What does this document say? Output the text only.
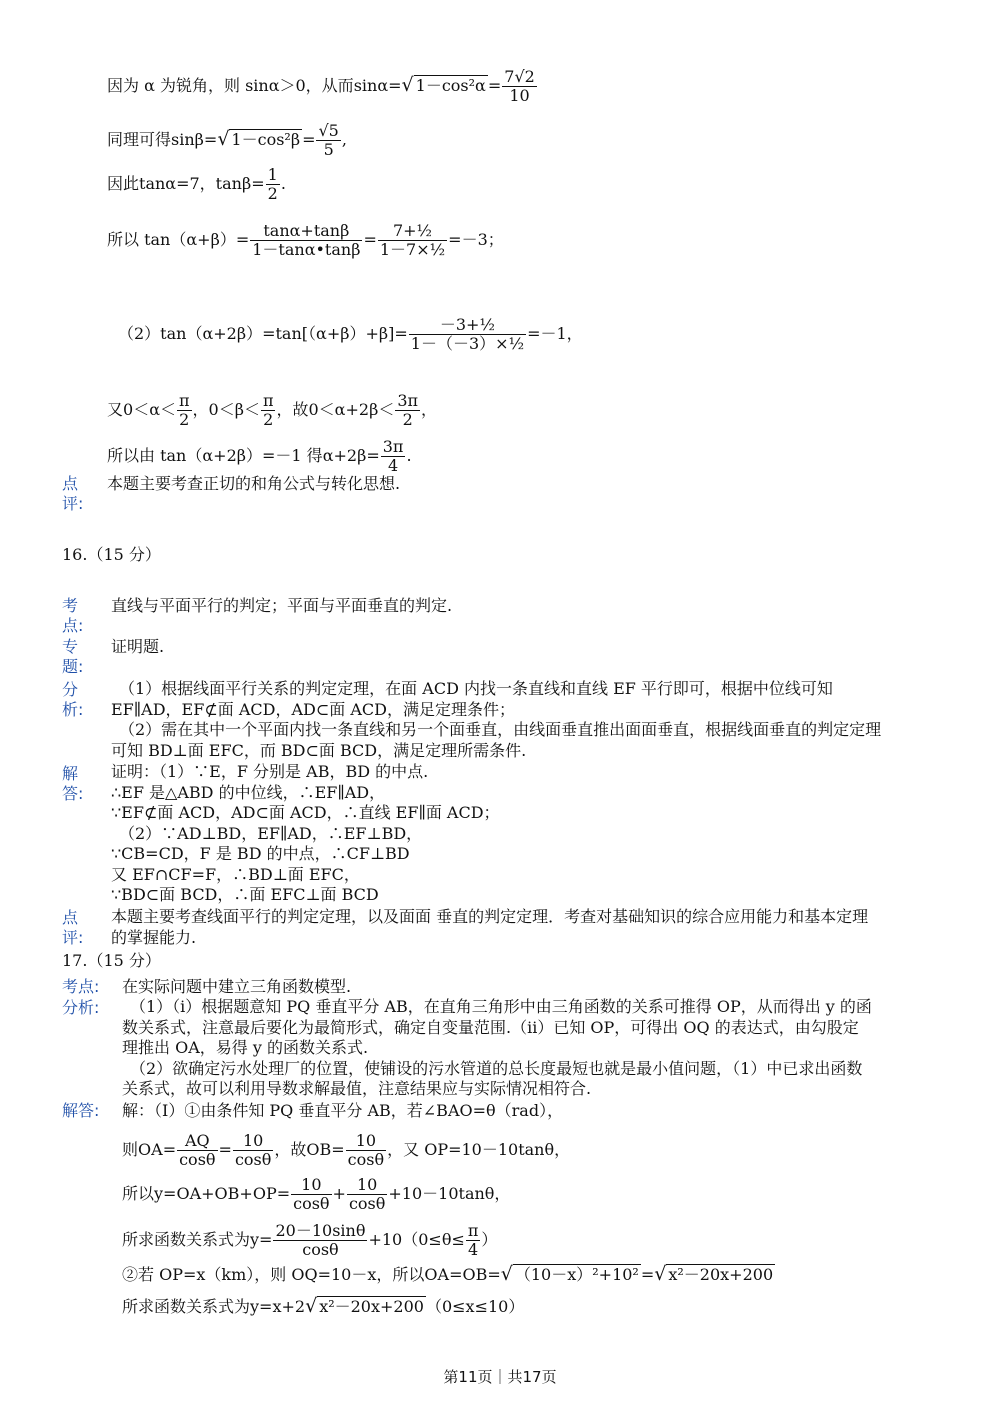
因为 α 为锐角，则 sinα＞0，从而sinα=√ $1-\cos^2\alpha = \frac{7√2}{10}$
同理可得sinβ=√ $1-\cos^2\beta = \frac{√5}{5}$ ,
因此tanα=7，$\tan\beta= \frac{1}{2}$ .
所以 $\tan(\alpha+\beta)= \frac{\tan\alpha+\tan\beta}{1-\tan\alpha•\tan\beta} = \frac{\text{7+½}}{\text{1－7×½}} =-3$；
$(2)\tan(\alpha+2\beta)=\tan[(\alpha+\beta)+\beta]= \frac{\text{－3+½}}{\text{1－（－3）×½}} =-1$，
又$0<\alpha< \frac{\pi}{2}$ ，$0<\beta< \frac{\pi}{2}$ ，故$0<\alpha+2\beta< \frac{3\pi}{2}$ ，
所以由 tan（α+2β）=－1 得$\alpha+2\beta= \frac{3\pi}{4}$ .
点
评:
本题主要考查正切的和角公式与转化思想.
16.（15 分）
考
点:
直线与平面平行的判定；平面与平面垂直的判定.
专
题:
证明题.
分
析:
（1）根据线面平行关系的判定定理，在面 ACD 内找一条直线和直线 EF 平行即可，根据中位线可知
EF∥AD，EF⊄面 ACD，AD⊂面 ACD，满足定理条件；
（2）需在其中一个平面内找一条直线和另一个面垂直，由线面垂直推出面面垂直，根据线面垂直的判定定理
可知 BD⊥面 EFC，而 BD⊂面 BCD，满足定理所需条件.
解
答:
证明：（1）∵E，F 分别是 AB，BD 的中点.
∴EF 是△ABD 的中位线，∴EF∥AD，
∵EF⊄面 ACD，AD⊂面 ACD，∴直线 EF∥面 ACD；
（2）∵AD⊥BD，EF∥AD，∴EF⊥BD，
∵CB=CD，F 是 BD 的中点，∴CF⊥BD
又 EF∩CF=F，∴BD⊥面 EFC，
∵BD⊂面 BCD，∴面 EFC⊥面 BCD
点
评:
本题主要考查线面平行的判定定理，以及面面 垂直的判定定理．考查对基础知识的综合应用能力和基本定理
的掌握能力.
17.（15 分）
考点: 在实际问题中建立三角函数模型.
分析:	（1）（i）根据题意知 PQ 垂直平分 AB，在直角三角形中由三角函数的关系可推得 OP，从而得出 y 的函
数关系式，注意最后要化为最简形式，确定自变量范围.（ii）已知 OP，可得出 OQ 的表达式，由勾股定
理推出 OA，易得 y 的函数关系式.
（2）欲确定污水处理厂的位置，使铺设的污水管道的总长度最短也就是最小值问题，（1）中已求出函数
关系式，故可以利用导数求解最值，注意结果应与实际情况相符合.
解答: 解：（I）①由条件知 PQ 垂直平分 AB，若∠BAO=θ（rad），
则$OA= \frac{AQ}{\cos\theta} = \frac{10}{\cos\theta}$ ，故$OB= \frac{10}{\cos\theta}$ ，又 OP=10－10tanθ，
所以$y=OA+OB+OP= \frac{10}{\cos\theta} + \frac{10}{\cos\theta} +10-10\tan\theta$，
所求函数关系式为$y= \frac{20-10\sin\theta}{\cos\theta} +10(0\le\theta\le \frac{\pi}{4}$ ）
②若 OP=x（km），则 OQ=10－x，所以OA=OB=√ （10－x）²+10² =√ x²－20x+200
所求函数关系式为y=x+2√ x²－20x+200 （0≤x≤10）
第11页｜共17页
